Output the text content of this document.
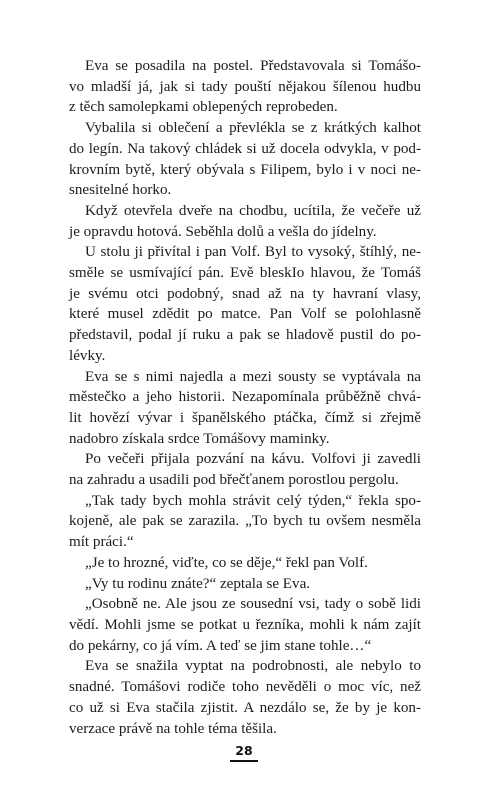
Eva se posadila na postel. Představovala si Tomášo-
vo mladší já, jak si tady pouští nějakou šílenou hudbu
z těch samolepkami oblepených reprobeden.
Vybalila si oblečení a převlékla se z krátkých kalhot
do legín. Na takový chládek si už docela odvykla, v pod-
krovním bytě, který obývala s Filipem, bylo i v noci ne-
snesitelné horko.
Když otevřela dveře na chodbu, ucítila, že večeře už
je opravdu hotová. Seběhla dolů a vešla do jídelny.
U stolu ji přivítal i pan Volf. Byl to vysoký, štíhlý, ne-
směle se usmívající pán. Evě bleskIo hlavou, že Tomáš
je svému otci podobný, snad až na ty havraní vlasy,
které musel zdědit po matce. Pan Volf se polohlasně
představil, podal jí ruku a pak se hladově pustil do po-
lévky.
Eva se s nimi najedla a mezi sousty se vyptávala na
městečko a jeho historii. Nezapomínala průběžně chvá-
lit hovězí vývar i španělského ptáčka, čímž si zřejmě
nadobro získala srdce Tomášovy maminky.
Po večeři přijala pozvání na kávu. Volfovi ji zavedli
na zahradu a usadili pod břečťanem porostlou pergolu.
„Tak tady bych mohla strávit celý týden,“ řekla spo-
kojeně, ale pak se zarazila. „To bych tu ovšem nesměla
mít práci.“
„Je to hrozné, viďte, co se děje,“ řekl pan Volf.
„Vy tu rodinu znáte?“ zeptala se Eva.
„Osobně ne. Ale jsou ze sousední vsi, tady o sobě lidi
vědí. Mohli jsme se potkat u řezníka, mohli k nám zajít
do pekárny, co já vím. A teď se jim stane tohle…“
Eva se snažila vyptat na podrobnosti, ale nebylo to
snadné. Tomášovi rodiče toho nevěděli o moc víc, než
co už si Eva stačila zjistit. A nezdálo se, že by je kon-
verzace právě na tohle téma těšila.
28
